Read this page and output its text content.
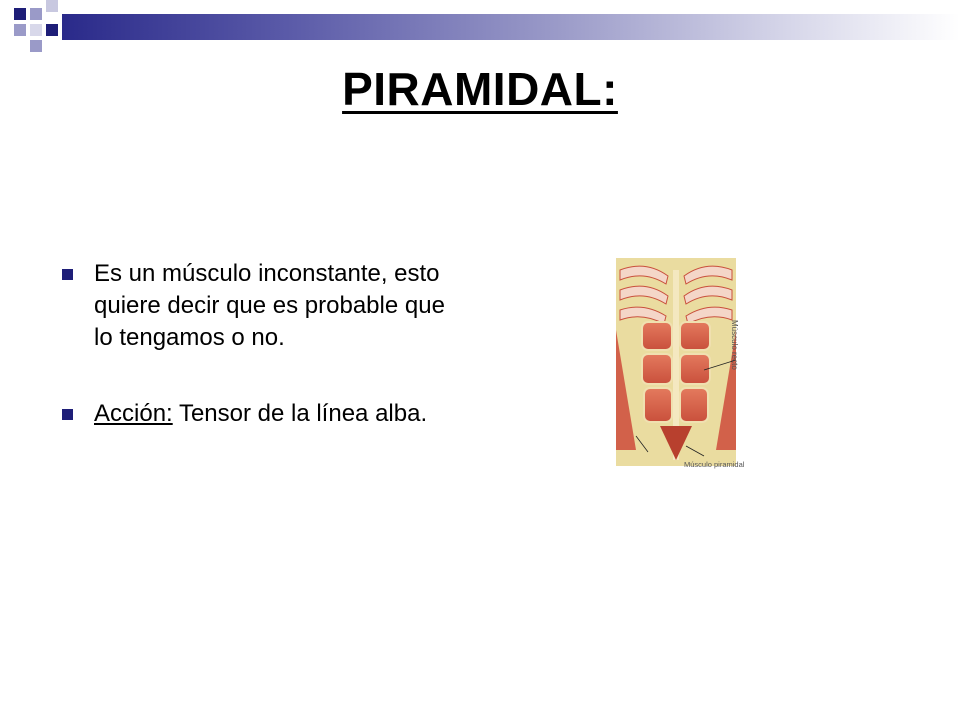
PIRAMIDAL:
Es un músculo inconstante, esto quiere decir que es probable que lo tengamos o no.
Acción: Tensor de la línea alba.
Músculo recto
Músculo piramidal
